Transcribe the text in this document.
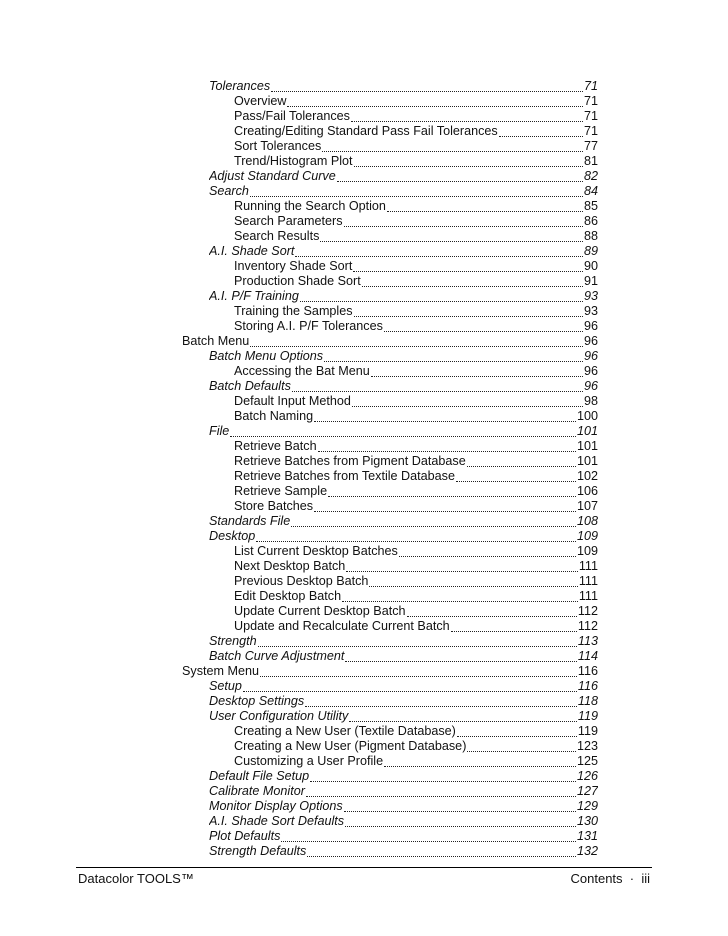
Tolerances	71
Overview	71
Pass/Fail Tolerances	71
Creating/Editing Standard Pass Fail Tolerances	71
Sort Tolerances	77
Trend/Histogram Plot	81
Adjust Standard Curve	82
Search	84
Running the Search Option	85
Search Parameters	86
Search Results	88
A.I. Shade Sort	89
Inventory Shade Sort	90
Production Shade Sort	91
A.I. P/F Training	93
Training the Samples	93
Storing A.I. P/F Tolerances	96
Batch Menu	96
Batch Menu Options	96
Accessing the Bat Menu	96
Batch Defaults	96
Default Input Method	98
Batch Naming	100
File	101
Retrieve Batch	101
Retrieve Batches from Pigment Database	101
Retrieve Batches from Textile Database	102
Retrieve Sample	106
Store Batches	107
Standards File	108
Desktop	109
List Current Desktop Batches	109
Next Desktop Batch	111
Previous Desktop Batch	111
Edit Desktop Batch	111
Update Current Desktop Batch	112
Update and Recalculate Current Batch	112
Strength	113
Batch Curve Adjustment	114
System Menu	116
Setup	116
Desktop Settings	118
User Configuration Utility	119
Creating a New User (Textile Database)	119
Creating a New User (Pigment Database)	123
Customizing a User Profile	125
Default File Setup	126
Calibrate Monitor	127
Monitor Display Options	129
A.I. Shade Sort Defaults	130
Plot Defaults	131
Strength Defaults	132
Datacolor TOOLS™	Contents  ·  iii
